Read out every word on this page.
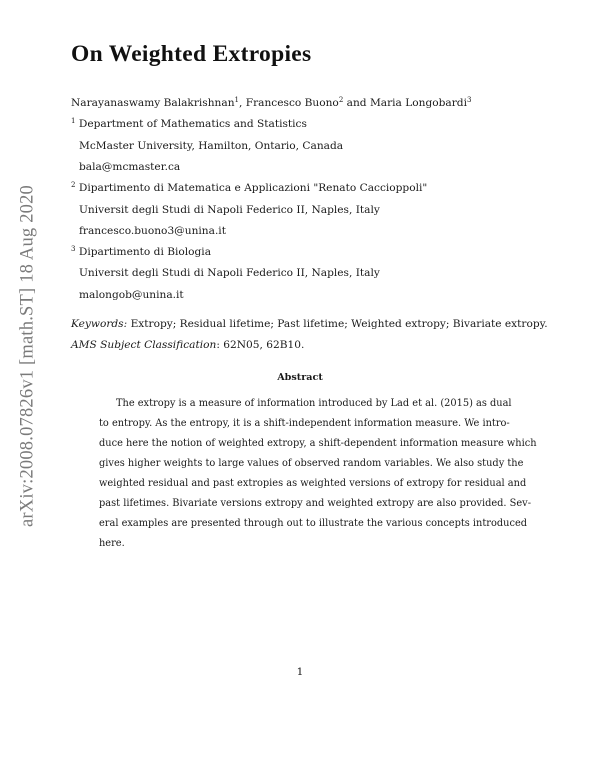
arXiv:2008.07826v1 [math.ST] 18 Aug 2020
On Weighted Extropies
Narayanaswamy Balakrishnan$^1$, Francesco Buono$^2$ and Maria Longobardi$^3$
$^1$ Department of Mathematics and Statistics
McMaster University, Hamilton, Ontario, Canada
bala@mcmaster.ca
$^2$ Dipartimento di Matematica e Applicazioni "Renato Caccioppoli"
Universit degli Studi di Napoli Federico II, Naples, Italy
francesco.buono3@unina.it
$^3$ Dipartimento di Biologia
Universit degli Studi di Napoli Federico II, Naples, Italy
malongob@unina.it
Keywords: Extropy; Residual lifetime; Past lifetime; Weighted extropy; Bivariate extropy.
AMS Subject Classification: 62N05, 62B10.
Abstract
The extropy is a measure of information introduced by Lad et al. (2015) as dual
to entropy. As the entropy, it is a shift-independent information measure. We intro-
duce here the notion of weighted extropy, a shift-dependent information measure which
gives higher weights to large values of observed random variables. We also study the
weighted residual and past extropies as weighted versions of extropy for residual and
past lifetimes. Bivariate versions extropy and weighted extropy are also provided. Sev-
eral examples are presented through out to illustrate the various concepts introduced
here.
1
